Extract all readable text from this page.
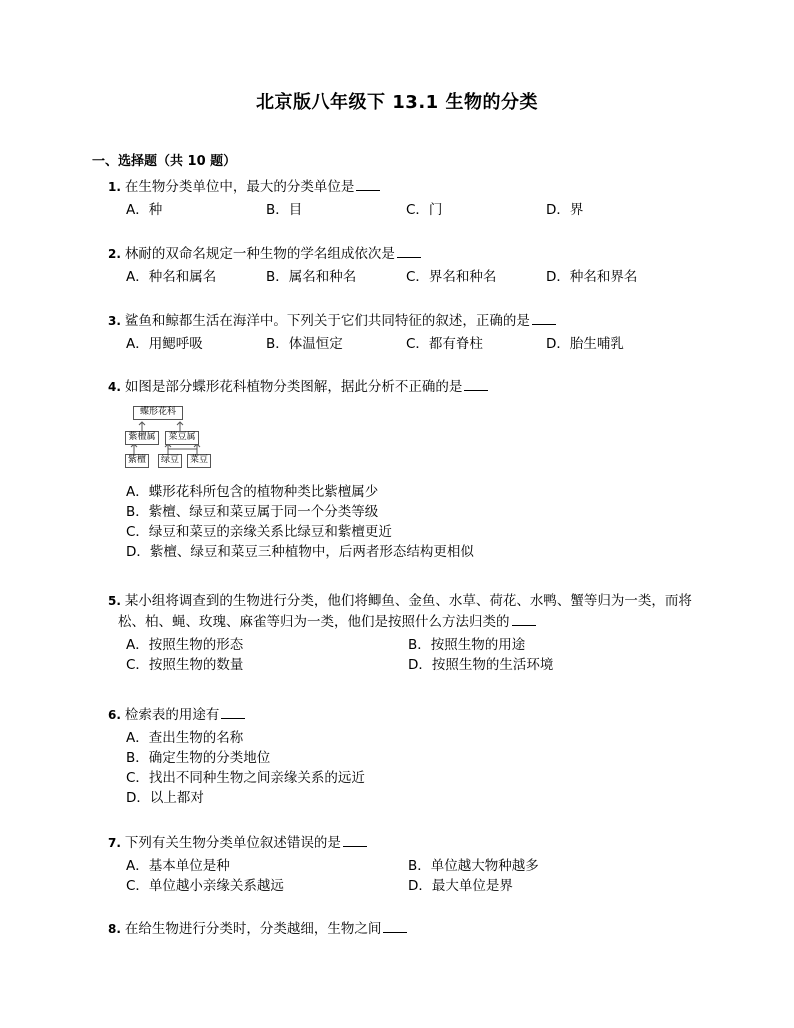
北京版八年级下 13.1 生物的分类
一、选择题（共 10 题）
1. 在生物分类单位中，最大的分类单位是
A．种	B．目	C．门	D．界
2. 林耐的双命名规定一种生物的学名组成依次是
A．种名和属名	B．属名和种名	C．界名和种名	D．种名和界名
3. 鲨鱼和鲸都生活在海洋中。下列关于它们共同特征的叙述，正确的是
A．用鳃呼吸	B．体温恒定	C．都有脊柱	D．胎生哺乳
4. 如图是部分蝶形花科植物分类图解，据此分析不正确的是
蝶形花科
紫檀属	菜豆属
紫檀	绿豆	菜豆
A．蝶形花科所包含的植物种类比紫檀属少
B．紫檀、绿豆和菜豆属于同一个分类等级
C．绿豆和菜豆的亲缘关系比绿豆和紫檀更近
D．紫檀、绿豆和菜豆三种植物中，后两者形态结构更相似
5. 某小组将调查到的生物进行分类，他们将鲫鱼、金鱼、水草、荷花、水鸭、蟹等归为一类，而将
松、柏、蝇、玫瑰、麻雀等归为一类，他们是按照什么方法归类的
A．按照生物的形态	B．按照生物的用途
C．按照生物的数量	D．按照生物的生活环境
6. 检索表的用途有
A．查出生物的名称
B．确定生物的分类地位
C．找出不同种生物之间亲缘关系的远近
D．以上都对
7. 下列有关生物分类单位叙述错误的是
A．基本单位是种	B．单位越大物种越多
C．单位越小亲缘关系越远	D．最大单位是界
8. 在给生物进行分类时，分类越细，生物之间
